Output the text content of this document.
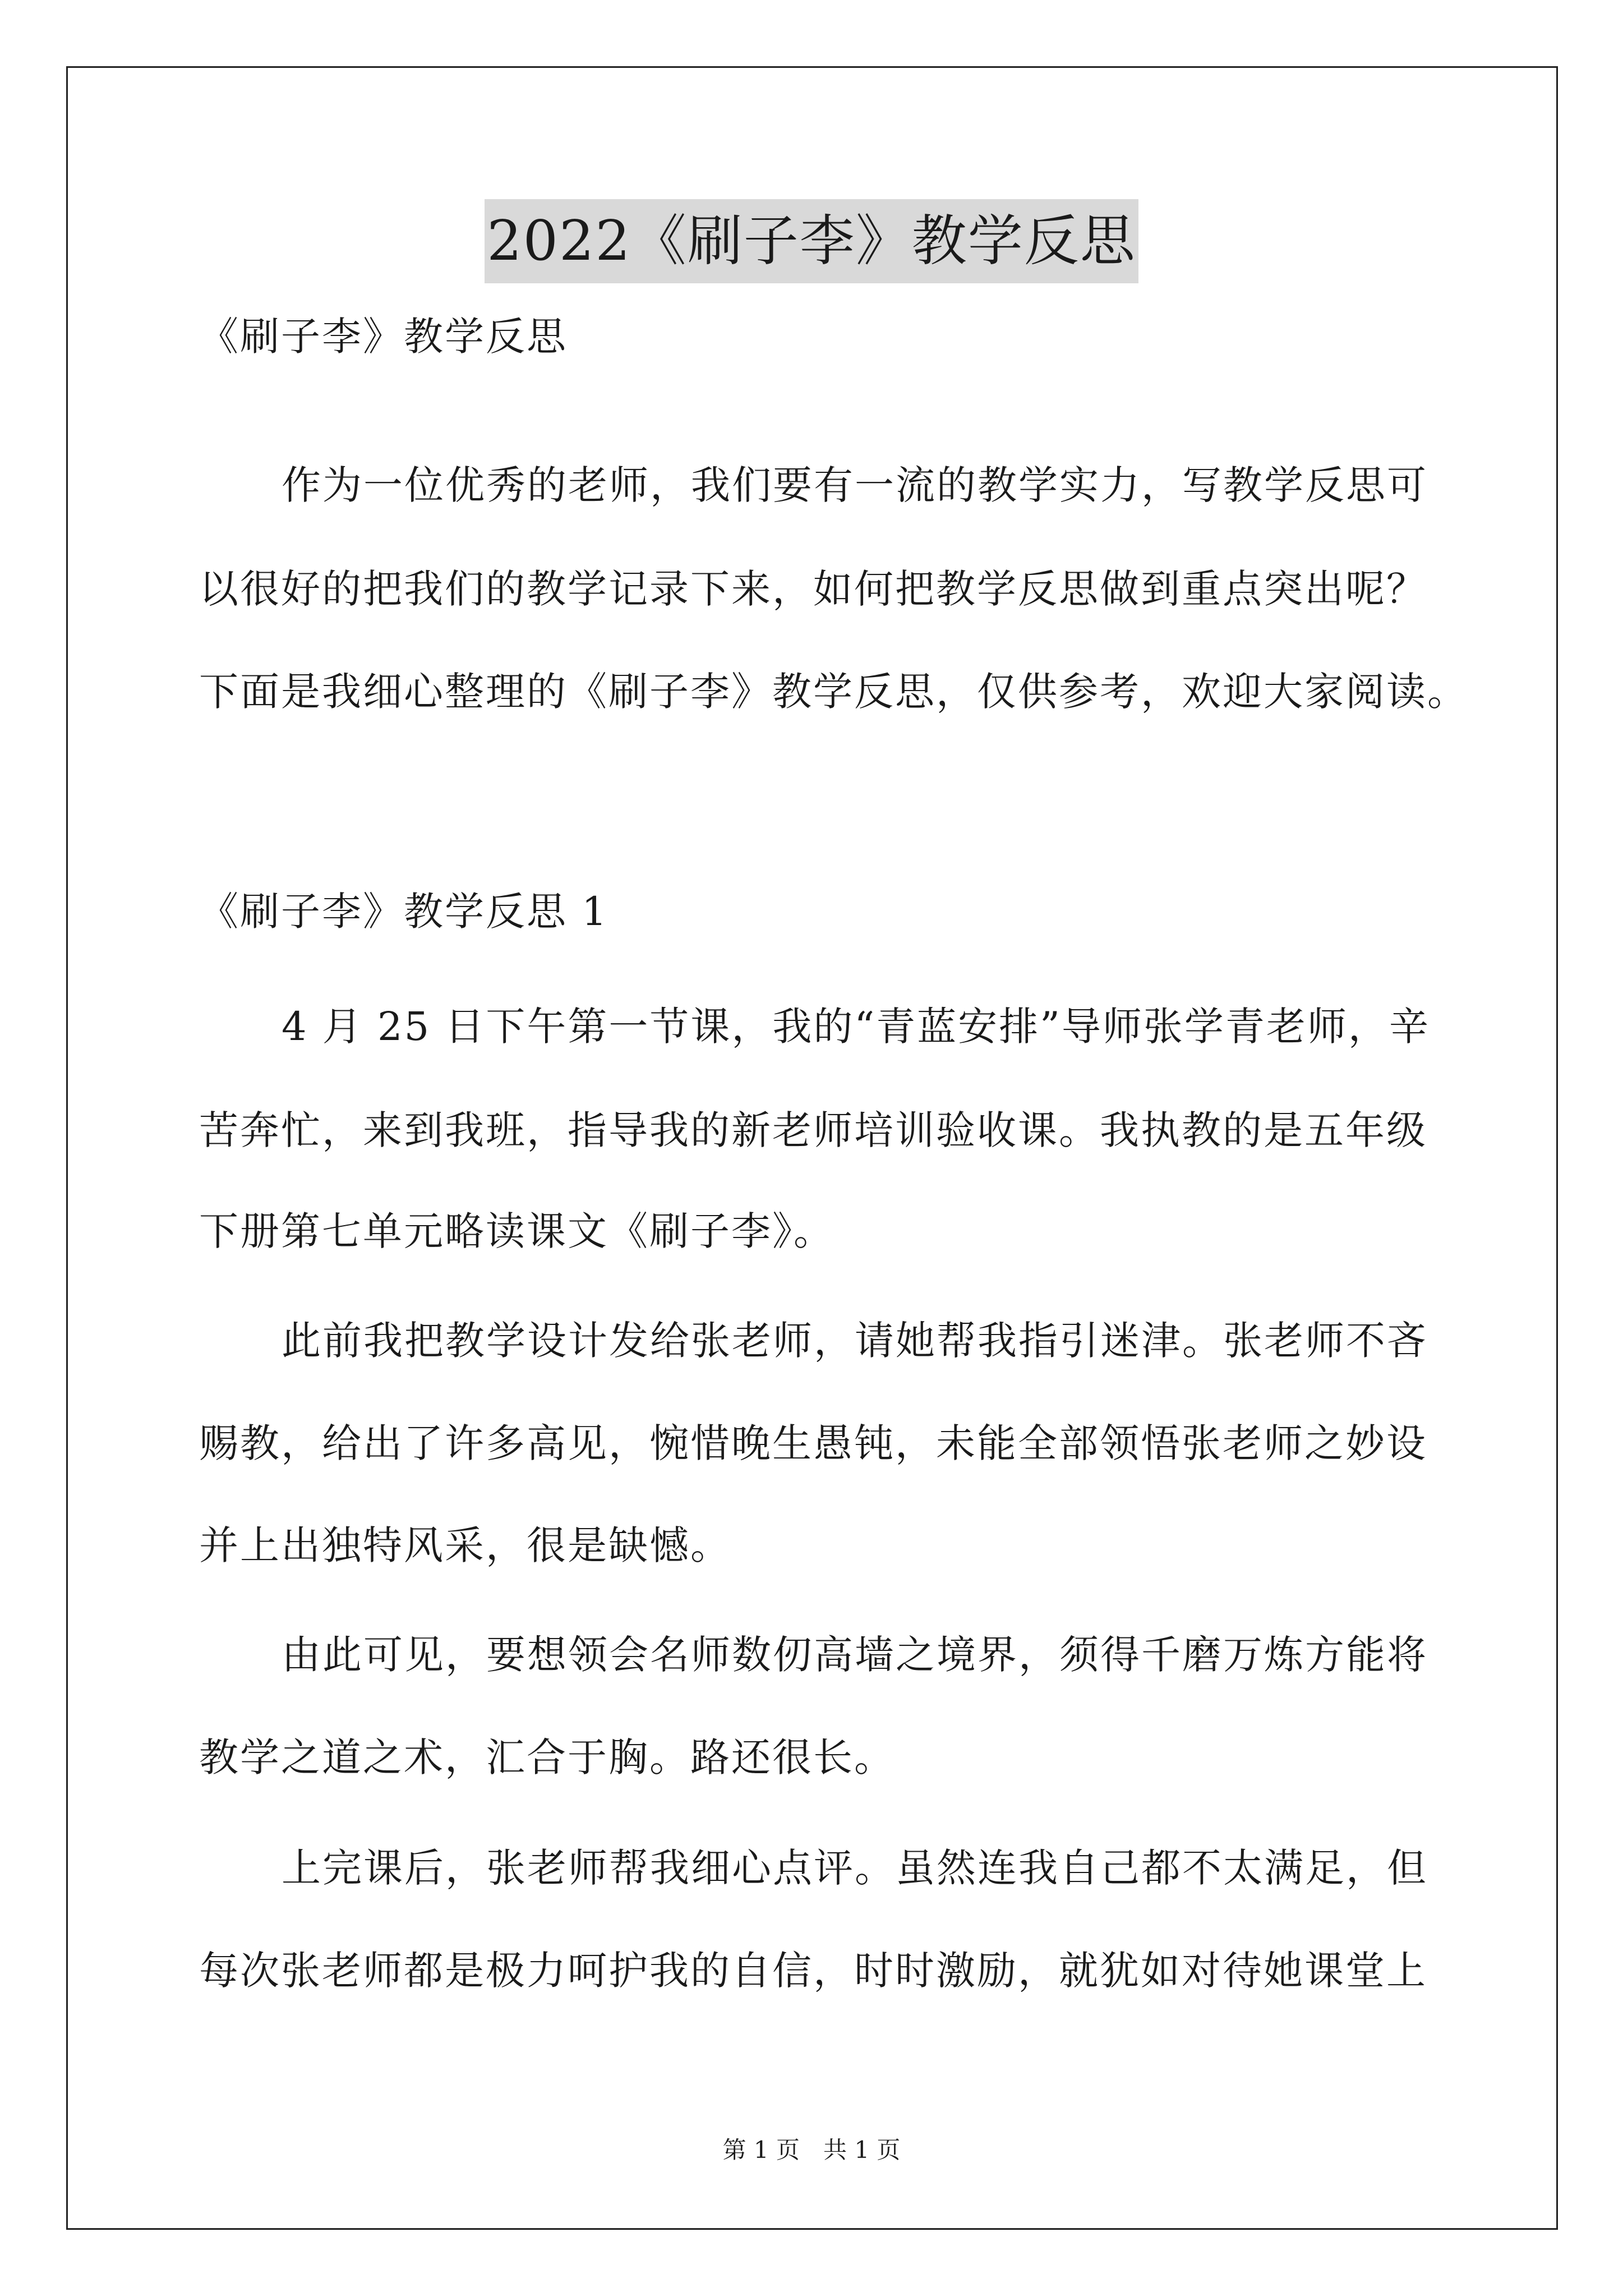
2022《刷子李》教学反思
《刷子李》教学反思
作为一位优秀的老师，我们要有一流的教学实力，写教学反思可
以很好的把我们的教学记录下来，如何把教学反思做到重点突出呢？
下面是我细心整理的《刷子李》教学反思，仅供参考，欢迎大家阅读。
《刷子李》教学反思 1
4 月 25 日下午第一节课，我的“青蓝安排”导师张学青老师，辛
苦奔忙，来到我班，指导我的新老师培训验收课。我执教的是五年级
下册第七单元略读课文《刷子李》。
此前我把教学设计发给张老师，请她帮我指引迷津。张老师不吝
赐教，给出了许多高见，惋惜晚生愚钝，未能全部领悟张老师之妙设
并上出独特风采，很是缺憾。
由此可见，要想领会名师数仞高墙之境界，须得千磨万炼方能将
教学之道之术，汇合于胸。路还很长。
上完课后，张老师帮我细心点评。虽然连我自己都不太满足，但
每次张老师都是极力呵护我的自信，时时激励，就犹如对待她课堂上
第 1 页　共 1 页
